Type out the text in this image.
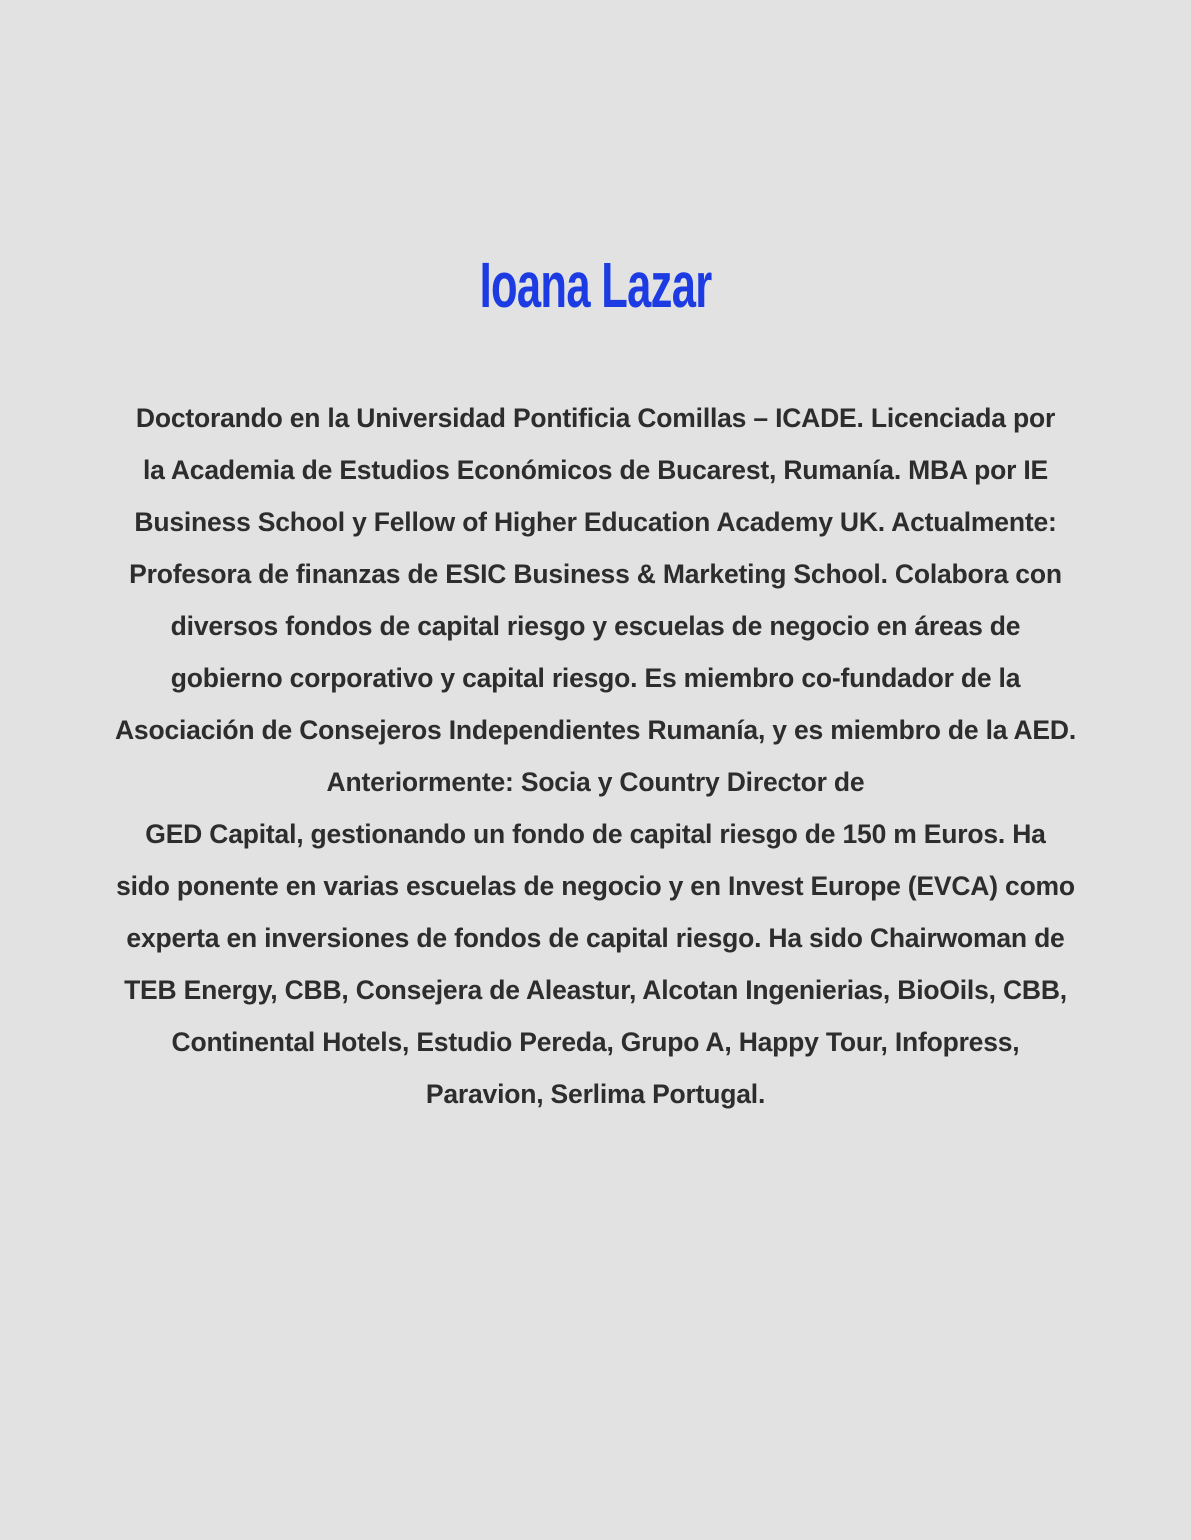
Ioana Lazar
Doctorando en la Universidad Pontificia Comillas – ICADE. Licenciada por
la Academia de Estudios Económicos de Bucarest, Rumanía. MBA por IE
Business School y Fellow of Higher Education Academy UK. Actualmente:
Profesora de finanzas de ESIC Business & Marketing School. Colabora con
diversos fondos de capital riesgo y escuelas de negocio en áreas de
gobierno corporativo y capital riesgo. Es miembro co-fundador de la
Asociación de Consejeros Independientes Rumanía, y es miembro de la AED.
Anteriormente: Socia y Country Director de
GED Capital, gestionando un fondo de capital riesgo de 150 m Euros. Ha
sido ponente en varias escuelas de negocio y en Invest Europe (EVCA) como
experta en inversiones de fondos de capital riesgo. Ha sido Chairwoman de
TEB Energy, CBB, Consejera de Aleastur, Alcotan Ingenierias, BioOils, CBB,
Continental Hotels, Estudio Pereda, Grupo A, Happy Tour, Infopress,
Paravion, Serlima Portugal.
